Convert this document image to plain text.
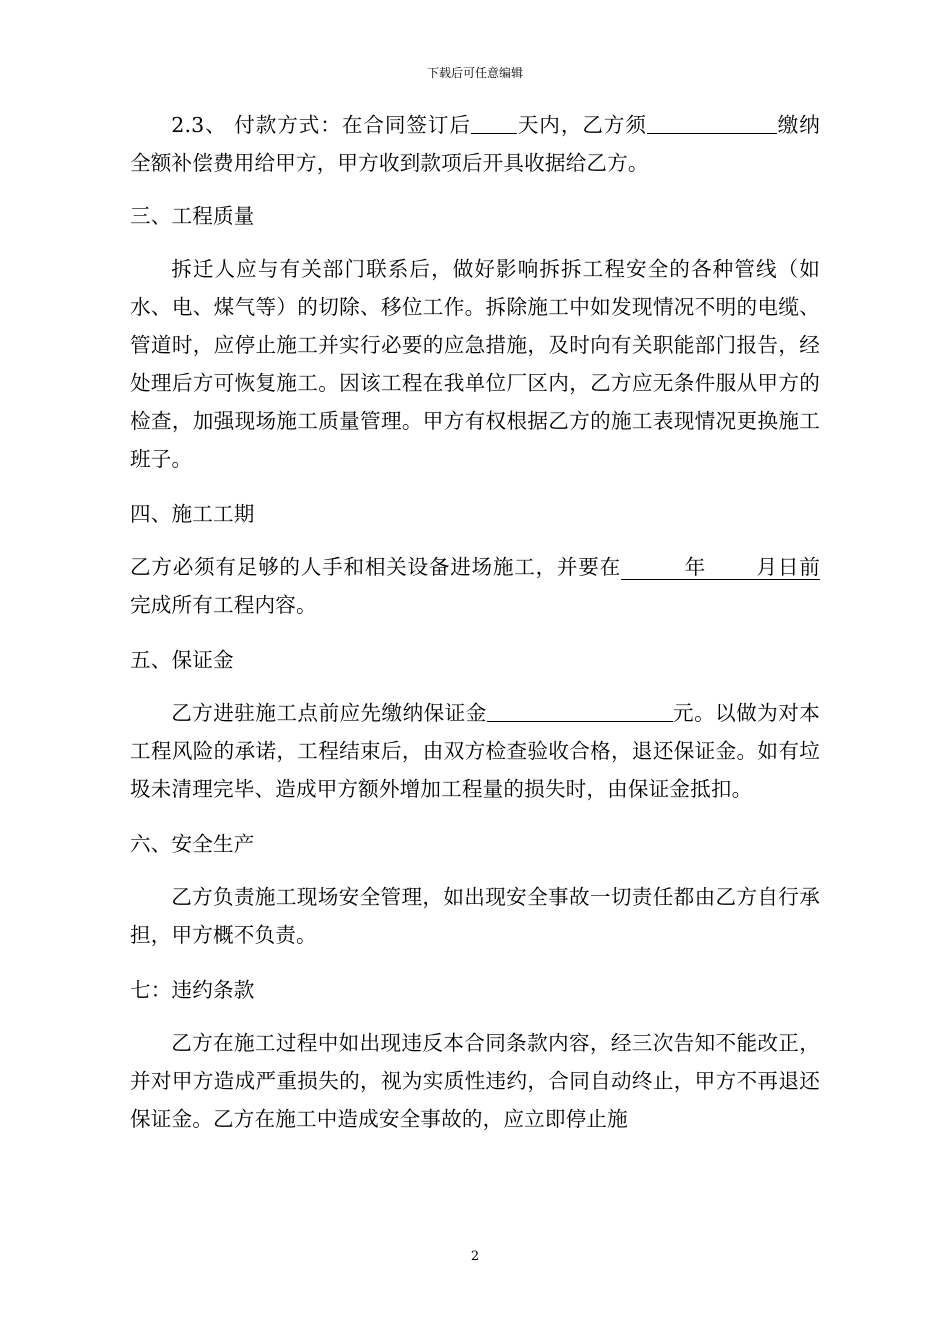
下载后可任意编辑

2.3、 付款方式：在合同签订后 天内，乙方须	缴纳全额补偿费用给甲方，甲方收到款项后开具收据给乙方。

三、工程质量

拆迁人应与有关部门联系后，做好影响拆拆工程安全的各种管线（如水、电、煤气等）的切除、移位工作。拆除施工中如发现情况不明的电缆、管道时，应停止施工并实行必要的应急措施，及时向有关职能部门报告，经处理后方可恢复施工。因该工程在我单位厂区内，乙方应无条件服从甲方的检查，加强现场施工质量管理。甲方有权根据乙方的施工表现情况更换施工班子。

四、施工工期

乙方必须有足够的人手和相关设备进场施工，并要在	年 月日前完成所有工程内容。

五、保证金

乙方进驻施工点前应先缴纳保证金	元。以做为对本工程风险的承诺，工程结束后，由双方检查验收合格，退还保证金。如有垃圾未清理完毕、造成甲方额外增加工程量的损失时，由保证金抵扣。

六、安全生产

乙方负责施工现场安全管理，如出现安全事故一切责任都由乙方自行承担，甲方概不负责。

七：违约条款

乙方在施工过程中如出现违反本合同条款内容，经三次告知不能改正，并对甲方造成严重损失的，视为实质性违约，合同自动终止，甲方不再退还保证金。乙方在施工中造成安全事故的，应立即停止施

2
